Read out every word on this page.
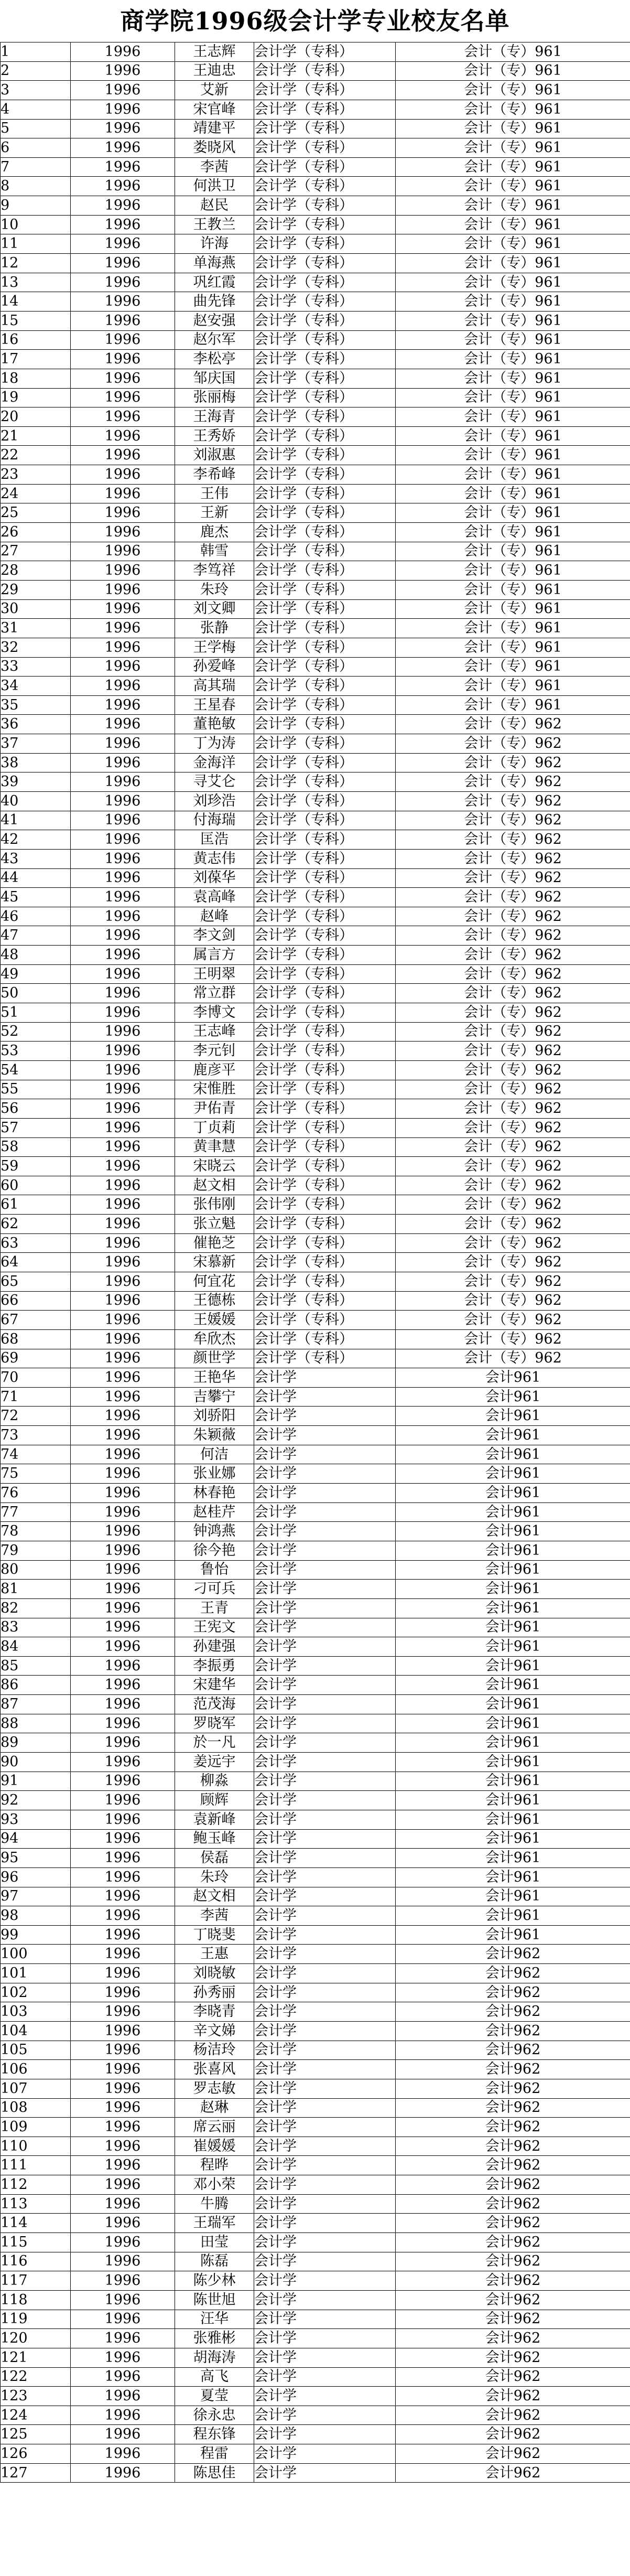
商学院1996级会计学专业校友名单
1	1996	王志辉	会计学（专科）	会计（专）961
2	1996	王迪忠	会计学（专科）	会计（专）961
3	1996	艾新	会计学（专科）	会计（专）961
4	1996	宋官峰	会计学（专科）	会计（专）961
5	1996	靖建平	会计学（专科）	会计（专）961
6	1996	娄晓风	会计学（专科）	会计（专）961
7	1996	李茜	会计学（专科）	会计（专）961
8	1996	何洪卫	会计学（专科）	会计（专）961
9	1996	赵民	会计学（专科）	会计（专）961
10	1996	王教兰	会计学（专科）	会计（专）961
11	1996	许海	会计学（专科）	会计（专）961
12	1996	单海燕	会计学（专科）	会计（专）961
13	1996	巩红霞	会计学（专科）	会计（专）961
14	1996	曲先锋	会计学（专科）	会计（专）961
15	1996	赵安强	会计学（专科）	会计（专）961
16	1996	赵尔军	会计学（专科）	会计（专）961
17	1996	李松亭	会计学（专科）	会计（专）961
18	1996	邹庆国	会计学（专科）	会计（专）961
19	1996	张丽梅	会计学（专科）	会计（专）961
20	1996	王海青	会计学（专科）	会计（专）961
21	1996	王秀娇	会计学（专科）	会计（专）961
22	1996	刘淑惠	会计学（专科）	会计（专）961
23	1996	李希峰	会计学（专科）	会计（专）961
24	1996	王伟	会计学（专科）	会计（专）961
25	1996	王新	会计学（专科）	会计（专）961
26	1996	鹿杰	会计学（专科）	会计（专）961
27	1996	韩雪	会计学（专科）	会计（专）961
28	1996	李笃祥	会计学（专科）	会计（专）961
29	1996	朱玲	会计学（专科）	会计（专）961
30	1996	刘文卿	会计学（专科）	会计（专）961
31	1996	张静	会计学（专科）	会计（专）961
32	1996	王学梅	会计学（专科）	会计（专）961
33	1996	孙爱峰	会计学（专科）	会计（专）961
34	1996	高其瑞	会计学（专科）	会计（专）961
35	1996	王星春	会计学（专科）	会计（专）961
36	1996	董艳敏	会计学（专科）	会计（专）962
37	1996	丁为涛	会计学（专科）	会计（专）962
38	1996	金海洋	会计学（专科）	会计（专）962
39	1996	寻艾仑	会计学（专科）	会计（专）962
40	1996	刘珍浩	会计学（专科）	会计（专）962
41	1996	付海瑞	会计学（专科）	会计（专）962
42	1996	匡浩	会计学（专科）	会计（专）962
43	1996	黄志伟	会计学（专科）	会计（专）962
44	1996	刘葆华	会计学（专科）	会计（专）962
45	1996	袁高峰	会计学（专科）	会计（专）962
46	1996	赵峰	会计学（专科）	会计（专）962
47	1996	李文剑	会计学（专科）	会计（专）962
48	1996	属言方	会计学（专科）	会计（专）962
49	1996	王明翠	会计学（专科）	会计（专）962
50	1996	常立群	会计学（专科）	会计（专）962
51	1996	李博文	会计学（专科）	会计（专）962
52	1996	王志峰	会计学（专科）	会计（专）962
53	1996	李元钊	会计学（专科）	会计（专）962
54	1996	鹿彦平	会计学（专科）	会计（专）962
55	1996	宋惟胜	会计学（专科）	会计（专）962
56	1996	尹佑青	会计学（专科）	会计（专）962
57	1996	丁贞莉	会计学（专科）	会计（专）962
58	1996	黄聿慧	会计学（专科）	会计（专）962
59	1996	宋晓云	会计学（专科）	会计（专）962
60	1996	赵文相	会计学（专科）	会计（专）962
61	1996	张伟刚	会计学（专科）	会计（专）962
62	1996	张立魁	会计学（专科）	会计（专）962
63	1996	催艳芝	会计学（专科）	会计（专）962
64	1996	宋慕新	会计学（专科）	会计（专）962
65	1996	何宜花	会计学（专科）	会计（专）962
66	1996	王德栋	会计学（专科）	会计（专）962
67	1996	王媛媛	会计学（专科）	会计（专）962
68	1996	牟欣杰	会计学（专科）	会计（专）962
69	1996	颜世学	会计学（专科）	会计（专）962
70	1996	王艳华	会计学	会计961
71	1996	吉攀宁	会计学	会计961
72	1996	刘骄阳	会计学	会计961
73	1996	朱颖薇	会计学	会计961
74	1996	何洁	会计学	会计961
75	1996	张业娜	会计学	会计961
76	1996	林春艳	会计学	会计961
77	1996	赵桂芹	会计学	会计961
78	1996	钟鸿燕	会计学	会计961
79	1996	徐今艳	会计学	会计961
80	1996	鲁怡	会计学	会计961
81	1996	刁可兵	会计学	会计961
82	1996	王青	会计学	会计961
83	1996	王宪文	会计学	会计961
84	1996	孙建强	会计学	会计961
85	1996	李振勇	会计学	会计961
86	1996	宋建华	会计学	会计961
87	1996	范茂海	会计学	会计961
88	1996	罗晓军	会计学	会计961
89	1996	於一凡	会计学	会计961
90	1996	姜远宇	会计学	会计961
91	1996	柳淼	会计学	会计961
92	1996	顾辉	会计学	会计961
93	1996	袁新峰	会计学	会计961
94	1996	鲍玉峰	会计学	会计961
95	1996	侯磊	会计学	会计961
96	1996	朱玲	会计学	会计961
97	1996	赵文相	会计学	会计961
98	1996	李茜	会计学	会计961
99	1996	丁晓斐	会计学	会计961
100	1996	王惠	会计学	会计962
101	1996	刘晓敏	会计学	会计962
102	1996	孙秀丽	会计学	会计962
103	1996	李晓青	会计学	会计962
104	1996	辛文娣	会计学	会计962
105	1996	杨洁玲	会计学	会计962
106	1996	张喜风	会计学	会计962
107	1996	罗志敏	会计学	会计962
108	1996	赵琳	会计学	会计962
109	1996	席云丽	会计学	会计962
110	1996	崔媛媛	会计学	会计962
111	1996	程晔	会计学	会计962
112	1996	邓小荣	会计学	会计962
113	1996	牛腾	会计学	会计962
114	1996	王瑞军	会计学	会计962
115	1996	田莹	会计学	会计962
116	1996	陈磊	会计学	会计962
117	1996	陈少林	会计学	会计962
118	1996	陈世旭	会计学	会计962
119	1996	汪华	会计学	会计962
120	1996	张雅彬	会计学	会计962
121	1996	胡海涛	会计学	会计962
122	1996	高飞	会计学	会计962
123	1996	夏莹	会计学	会计962
124	1996	徐永忠	会计学	会计962
125	1996	程东锋	会计学	会计962
126	1996	程雷	会计学	会计962
127	1996	陈思佳	会计学	会计962
